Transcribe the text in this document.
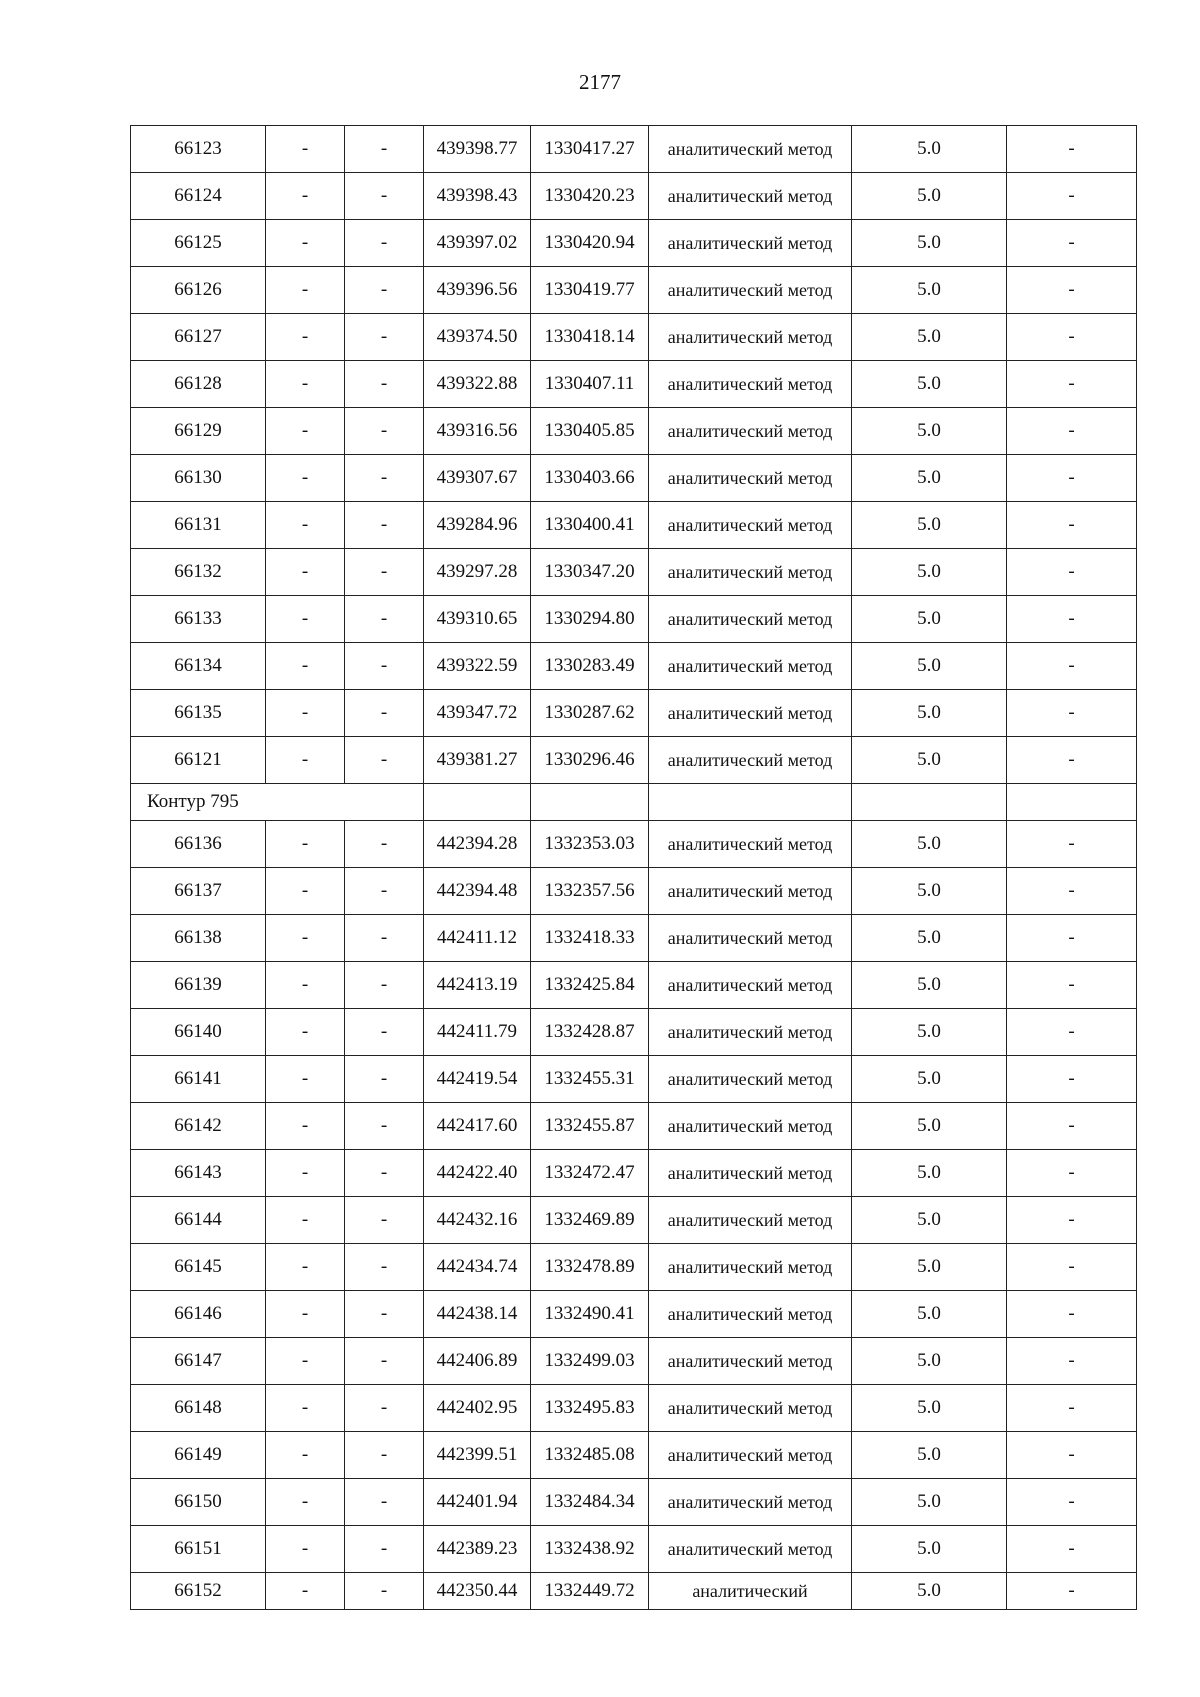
2177
66123	-	-	439398.77	1330417.27	аналитический метод	5.0	-
66124	-	-	439398.43	1330420.23	аналитический метод	5.0	-
66125	-	-	439397.02	1330420.94	аналитический метод	5.0	-
66126	-	-	439396.56	1330419.77	аналитический метод	5.0	-
66127	-	-	439374.50	1330418.14	аналитический метод	5.0	-
66128	-	-	439322.88	1330407.11	аналитический метод	5.0	-
66129	-	-	439316.56	1330405.85	аналитический метод	5.0	-
66130	-	-	439307.67	1330403.66	аналитический метод	5.0	-
66131	-	-	439284.96	1330400.41	аналитический метод	5.0	-
66132	-	-	439297.28	1330347.20	аналитический метод	5.0	-
66133	-	-	439310.65	1330294.80	аналитический метод	5.0	-
66134	-	-	439322.59	1330283.49	аналитический метод	5.0	-
66135	-	-	439347.72	1330287.62	аналитический метод	5.0	-
66121	-	-	439381.27	1330296.46	аналитический метод	5.0	-
Контур 795							
66136	-	-	442394.28	1332353.03	аналитический метод	5.0	-
66137	-	-	442394.48	1332357.56	аналитический метод	5.0	-
66138	-	-	442411.12	1332418.33	аналитический метод	5.0	-
66139	-	-	442413.19	1332425.84	аналитический метод	5.0	-
66140	-	-	442411.79	1332428.87	аналитический метод	5.0	-
66141	-	-	442419.54	1332455.31	аналитический метод	5.0	-
66142	-	-	442417.60	1332455.87	аналитический метод	5.0	-
66143	-	-	442422.40	1332472.47	аналитический метод	5.0	-
66144	-	-	442432.16	1332469.89	аналитический метод	5.0	-
66145	-	-	442434.74	1332478.89	аналитический метод	5.0	-
66146	-	-	442438.14	1332490.41	аналитический метод	5.0	-
66147	-	-	442406.89	1332499.03	аналитический метод	5.0	-
66148	-	-	442402.95	1332495.83	аналитический метод	5.0	-
66149	-	-	442399.51	1332485.08	аналитический метод	5.0	-
66150	-	-	442401.94	1332484.34	аналитический метод	5.0	-
66151	-	-	442389.23	1332438.92	аналитический метод	5.0	-
66152	-	-	442350.44	1332449.72	аналитический	5.0	-
